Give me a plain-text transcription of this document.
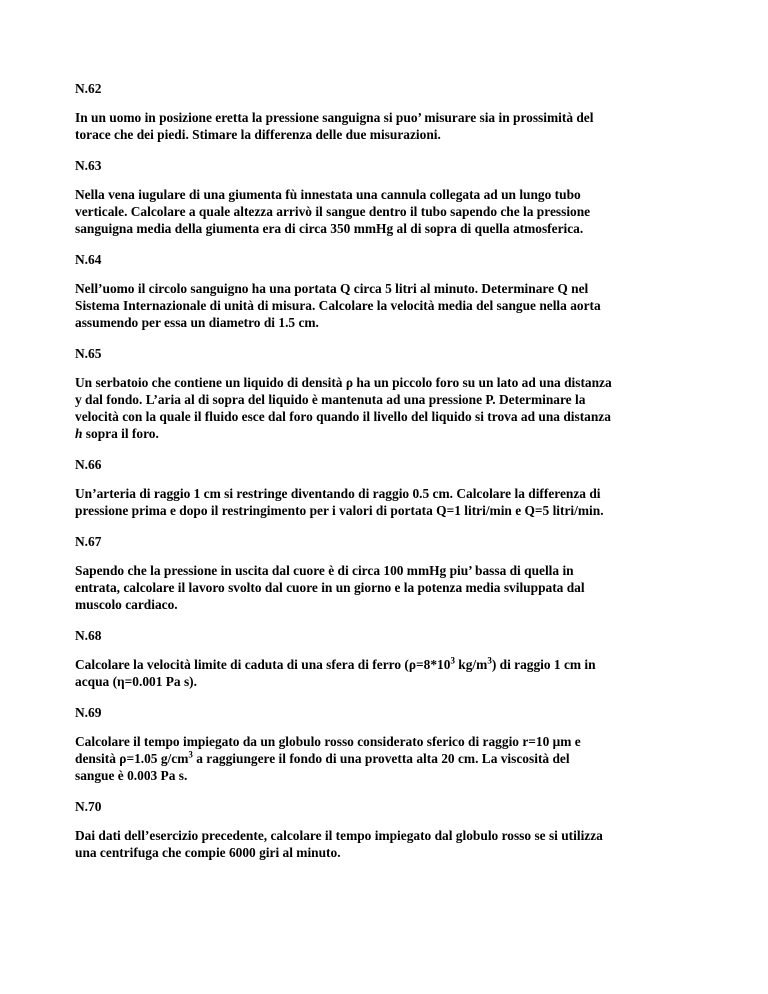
N.62

In un uomo in posizione eretta la pressione sanguigna si puo’ misurare sia in prossimità del
torace che dei piedi. Stimare la differenza delle due misurazioni.

N.63

Nella vena iugulare di una giumenta fù innestata una cannula collegata ad un lungo tubo
verticale. Calcolare a quale altezza arrivò il sangue dentro il tubo sapendo che la pressione
sanguigna media della giumenta era di circa 350 mmHg al di sopra di quella atmosferica.

N.64

Nell’uomo il circolo sanguigno ha una portata Q circa 5 litri al minuto. Determinare Q nel
Sistema Internazionale di unità di misura. Calcolare la velocità media del sangue nella aorta
assumendo per essa un diametro di 1.5 cm.

N.65

Un serbatoio che contiene un liquido di densità ρ ha un piccolo foro su un lato ad una distanza
y dal fondo. L’aria al di sopra del liquido è mantenuta ad una pressione P. Determinare la
velocità con la quale il fluido esce dal foro quando il livello del liquido si trova ad una distanza
h sopra il foro.

N.66

Un’arteria di raggio 1 cm si restringe diventando di raggio 0.5 cm. Calcolare la differenza di
pressione prima e dopo il restringimento per i valori di portata Q=1 litri/min e Q=5 litri/min.

N.67

Sapendo che la pressione in uscita dal cuore è di circa 100 mmHg piu’ bassa di quella in
entrata, calcolare il lavoro svolto dal cuore in un giorno e la potenza media sviluppata dal
muscolo cardiaco.

N.68

Calcolare la velocità limite di caduta di una sfera di ferro ($\rho=8*10^3$ $kg/m^3$) di raggio 1 cm in
acqua (η=0.001 Pa s).

N.69

Calcolare il tempo impiegato da un globulo rosso considerato sferico di raggio r=10 μm e
densità ρ=1.05 $g/cm^3$ a raggiungere il fondo di una provetta alta 20 cm. La viscosità del
sangue è 0.003 Pa s.

N.70

Dai dati dell’esercizio precedente, calcolare il tempo impiegato dal globulo rosso se si utilizza
una centrifuga che compie 6000 giri al minuto.
